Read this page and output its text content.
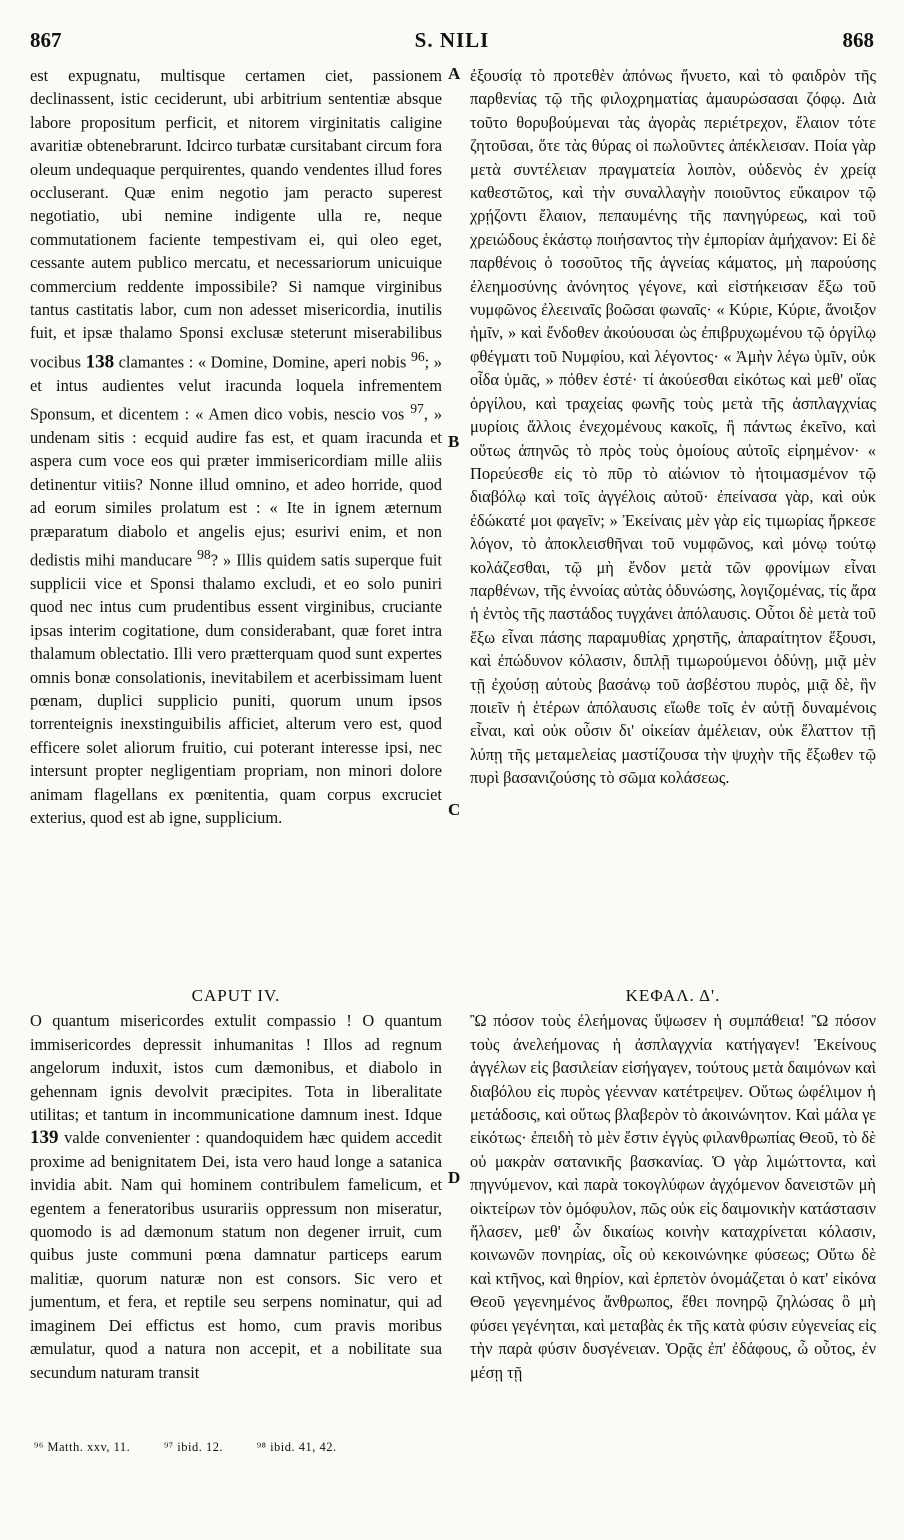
867	S. NILI	868

est expugnatu, multisque certamen ciet, passionem declinassent, istic ceciderunt, ubi arbitrium sententiæ absque labore propositum perficit, et nitorem virginitatis caligine avaritiæ obtenebrarunt. Idcirco turbatæ cursitabant circum fora oleum undequaque perquirentes, quando vendentes illud fores occluserant. Quæ enim negotio jam peracto superest negotiatio, ubi nemine indigente ulla re, neque commutationem faciente tempestivam ei, qui oleo eget, cessante autem publico mercatu, et necessariorum unicuique commercium reddente impossibile? Si namque virginibus tantus castitatis labor, cum non adesset misericordia, inutilis fuit, et ipsæ thalamo Sponsi exclusæ steterunt miserabilibus vocibus 138 clamantes : « Domine, Domine, aperi nobis $^{96}$; » et intus audientes velut iracunda loquela infrementem Sponsum, et dicentem : « Amen dico vobis, nescio vos $^{97}$, » undenam sitis : ecquid audire fas est, et quam iracunda et aspera cum voce eos qui præter immisericordiam mille aliis detinentur vitiis? Nonne illud omnino, et adeo horride, quod ad eorum similes prolatum est : « Ite in ignem æternum præparatum diabolo et angelis ejus; esurivi enim, et non dedistis mihi manducare $^{98}$? » Illis quidem satis superque fuit supplicii vice et Sponsi thalamo excludi, et eo solo puniri quod nec intus cum prudentibus essent virginibus, cruciante ipsas interim cogitatione, dum considerabant, quæ foret intra thalamum oblectatio. Illi vero prætterquam quod sunt expertes omnis bonæ consolationis, inevitabilem et acerbissimam luent pœnam, duplici supplicio puniti, quorum unum ipsos torrenteignis inexstinguibilis afficiet, alterum vero est, quod efficere solet aliorum fruitio, cui poterant interesse ipsi, nec intersunt propter negligentiam propriam, non minori dolore animam flagellans ex pœnitentia, quam corpus excruciet exterius, quod est ab igne, supplicium.

A
B
C
D

ἐξουσίᾳ τὸ προτεθὲν ἀπόνως ἤνυετο, καὶ τὸ φαιδρὸν τῆς παρθενίας τῷ τῆς φιλοχρηματίας ἀμαυρώσασαι ζόφῳ. Διὰ τοῦτο θορυβούμεναι τὰς ἀγορὰς περιέτρεχον, ἔλαιον τότε ζητοῦσαι, ὅτε τὰς θύρας οἱ πωλοῦντες ἀπέκλεισαν. Ποία γὰρ μετὰ συντέλειαν πραγματεία λοιπὸν, οὐδενὸς ἐν χρείᾳ καθεστῶτος, καὶ τὴν συναλλαγὴν ποιοῦντος εὔκαιρον τῷ χρῄζοντι ἔλαιον, πεπαυμένης τῆς πανηγύρεως, καὶ τοῦ χρειώδους ἑκάστῳ ποιήσαντος τὴν ἐμπορίαν ἀμήχανον: Εἰ δὲ παρθένοις ὁ τοσοῦτος τῆς ἁγνείας κάματος, μὴ παρούσης ἐλεημοσύνης ἀνόνητος γέγονε, καὶ εἱστήκεισαν ἔξω τοῦ νυμφῶνος ἐλεειναῖς βοῶσαι φωναῖς· « Κύριε, Κύριε, ἄνοιξον ἡμῖν, » καὶ ἔνδοθεν ἀκούουσαι ὡς ἐπιβρυχωμένου τῷ ὀργίλῳ φθέγματι τοῦ Νυμφίου, καὶ λέγοντος· « Ἀμὴν λέγω ὑμῖν, οὐκ οἶδα ὑμᾶς, » πόθεν ἐστέ· τί ἀκούεσθαι εἰκότως καὶ μεθ' οἵας ὀργίλου, καὶ τραχείας φωνῆς τοὺς μετὰ τῆς ἀσπλαγχνίας μυρίοις ἄλλοις ἐνεχομένους κακοῖς, ἢ πάντως ἐκεῖνο, καὶ οὕτως ἀπηνῶς τὸ πρὸς τοὺς ὁμοίους αὐτοῖς εἰρημένον· « Πορεύεσθε εἰς τὸ πῦρ τὸ αἰώνιον τὸ ἡτοιμασμένον τῷ διαβόλῳ καὶ τοῖς ἀγγέλοις αὐτοῦ· ἐπείνασα γὰρ, καὶ οὐκ ἐδώκατέ μοι φαγεῖν; » Ἐκείναις μὲν γὰρ εἰς τιμωρίας ἤρκεσε λόγον, τὸ ἀποκλεισθῆναι τοῦ νυμφῶνος, καὶ μόνῳ τούτῳ κολάζεσθαι, τῷ μὴ ἔνδον μετὰ τῶν φρονίμων εἶναι παρθένων, τῆς ἐννοίας αὐτὰς ὀδυνώσης, λογιζομένας, τίς ἄρα ἡ ἐντὸς τῆς παστάδος τυγχάνει ἀπόλαυσις. Οὗτοι δὲ μετὰ τοῦ ἔξω εἶναι πάσης παραμυθίας χρηστῆς, ἀπαραίτητον ἕξουσι, καὶ ἐπώδυνον κόλασιν, διπλῇ τιμωρούμενοι ὀδύνῃ, μιᾷ μὲν τῇ ἐχούσῃ αὐτοὺς βασάνῳ τοῦ ἀσβέστου πυρὸς, μιᾷ δὲ, ἣν ποιεῖν ἡ ἑτέρων ἀπόλαυσις εἴωθε τοῖς ἐν αὐτῇ δυναμένοις εἶναι, καὶ οὐκ οὖσιν δι' οἰκείαν ἀμέλειαν, οὐκ ἔλαττον τῇ λύπῃ τῆς μεταμελείας μαστίζουσα τὴν ψυχὴν τῆς ἔξωθεν τῷ πυρὶ βασανιζούσης τὸ σῶμα κολάσεως.

CAPUT IV.

O quantum misericordes extulit compassio ! O quantum immisericordes depressit inhumanitas ! Illos ad regnum angelorum induxit, istos cum dæmonibus, et diabolo in gehennam ignis devolvit præcipites. Tota in liberalitate utilitas; et tantum in incommunicatione damnum inest. Idque 139 valde convenienter : quandoquidem hæc quidem accedit proxime ad benignitatem Dei, ista vero haud longe a satanica invidia abit. Nam qui hominem contribulem famelicum, et egentem a feneratoribus usurariis oppressum non miseratur, quomodo is ad dæmonum statum non degener irruit, cum quibus juste communi pœna damnatur particeps earum malitiæ, quorum naturæ non est consors. Sic vero et jumentum, et fera, et reptile seu serpens nominatur, qui ad imaginem Dei effictus est homo, cum pravis moribus æmulatur, quod a natura non accepit, et a nobilitate sua secundum naturam transit

ΚΕΦΑΛ. Δ'.

Ὢ πόσον τοὺς ἐλεήμονας ὕψωσεν ἡ συμπάθεια! Ὢ πόσον τοὺς ἀνελεήμονας ἡ ἀσπλαγχνία κατήγαγεν! Ἐκείνους ἀγγέλων εἰς βασιλείαν εἰσήγαγεν, τούτους μετὰ δαιμόνων καὶ διαβόλου εἰς πυρὸς γέενναν κατέτρεψεν. Οὕτως ὠφέλιμον ἡ μετάδοσις, καὶ οὕτως βλαβερὸν τὸ ἀκοινώνητον. Καὶ μάλα γε εἰκότως· ἐπειδὴ τὸ μὲν ἔστιν ἐγγὺς φιλανθρωπίας Θεοῦ, τὸ δὲ οὐ μακρὰν σατανικῆς βασκανίας. Ὁ γὰρ λιμώττοντα, καὶ πηγνύμενον, καὶ παρὰ τοκογλύφων ἀγχόμενον δανειστῶν μὴ οἰκτείρων τὸν ὁμόφυλον, πῶς οὐκ εἰς δαιμονικὴν κατάστασιν ἤλασεν, μεθ' ὧν δικαίως κοινὴν καταχρίνεται κόλασιν, κοινωνῶν πονηρίας, οἷς οὐ κεκοινώνηκε φύσεως; Οὕτω δὲ καὶ κτῆνος, καὶ θηρίον, καὶ ἑρπετὸν ὀνομάζεται ὁ κατ' εἰκόνα Θεοῦ γεγενημένος ἄνθρωπος, ἔθει πονηρῷ ζηλώσας ὃ μὴ φύσει γεγένηται, καὶ μεταβὰς ἐκ τῆς κατὰ φύσιν εὐγενείας εἰς τὴν παρὰ φύσιν δυσγένειαν. Ὁρᾷς ἐπ' ἐδάφους, ὦ οὗτος, ἐν μέσῃ τῇ

⁹⁶ Matth. xxv, 11.	⁹⁷ ibid. 12.	⁹⁸ ibid. 41, 42.
